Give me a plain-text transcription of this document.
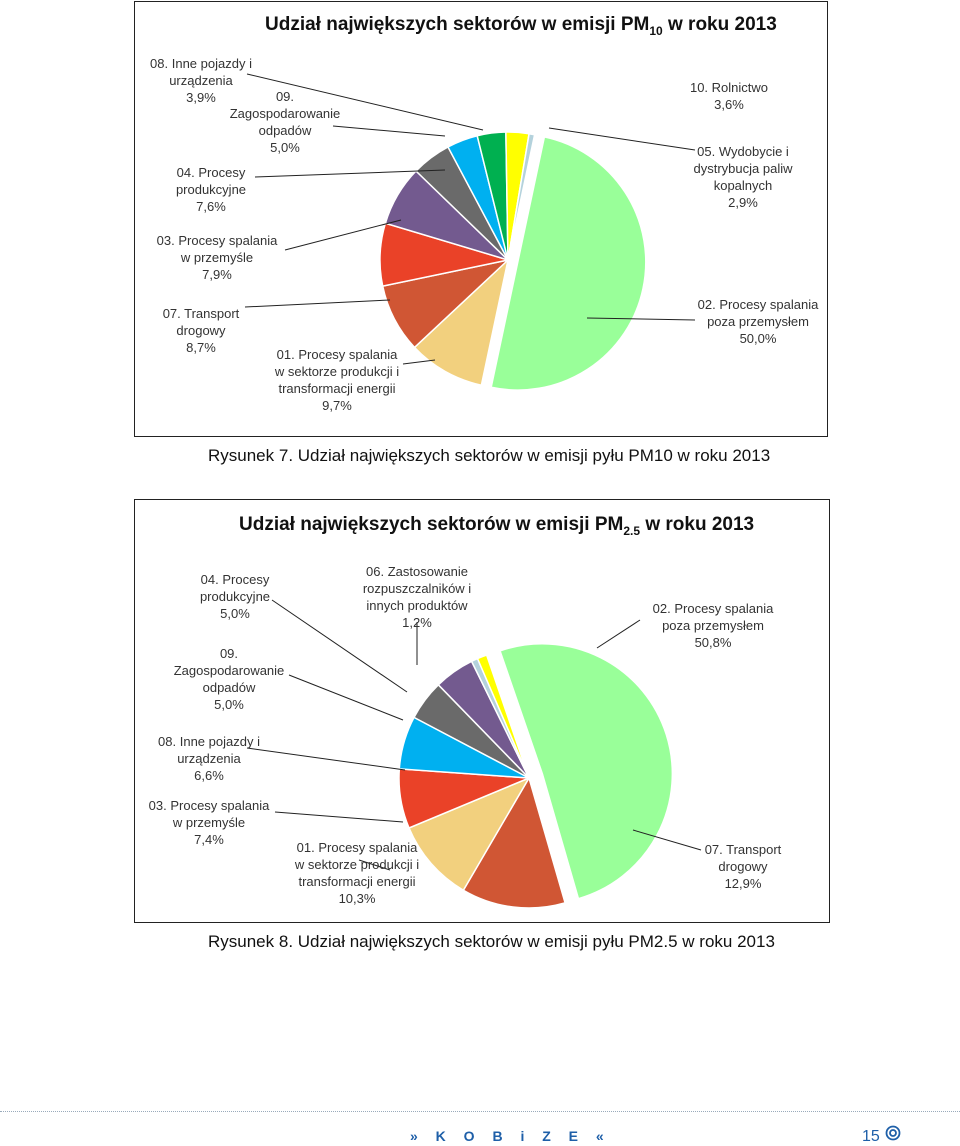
Udział największych sektorów w emisji $PM_{10}$ w roku 2013
02. Procesy spalania poza przemysłem 50,0%
01. Procesy spalania w sektorze produkcji i transformacji energii 9,7%
07. Transport drogowy 8,7%
03. Procesy spalania w przemyśle 7,9%
04. Procesy produkcyjne 7,6%
09. Zagospodarowanie odpadów 5,0%
08. Inne pojazdy i urządzenia 3,9%
10. Rolnictwo 3,6%
05. Wydobycie i dystrybucja paliw kopalnych 2,9%
Rysunek 7. Udział największych sektorów w emisji pyłu PM10 w roku 2013
Udział największych sektorów w emisji $PM_{2.5}$ w roku 2013
02. Procesy spalania poza przemysłem 50,8%
07. Transport drogowy 12,9%
01. Procesy spalania w sektorze produkcji i transformacji energii 10,3%
03. Procesy spalania w przemyśle 7,4%
08. Inne pojazdy i urządzenia 6,6%
09. Zagospodarowanie odpadów 5,0%
04. Procesy produkcyjne 5,0%
06. Zastosowanie rozpuszczalników i innych produktów 1,2%
Rysunek 8. Udział największych sektorów w emisji pyłu PM2.5 w roku 2013
» K O B i Z E «	15
